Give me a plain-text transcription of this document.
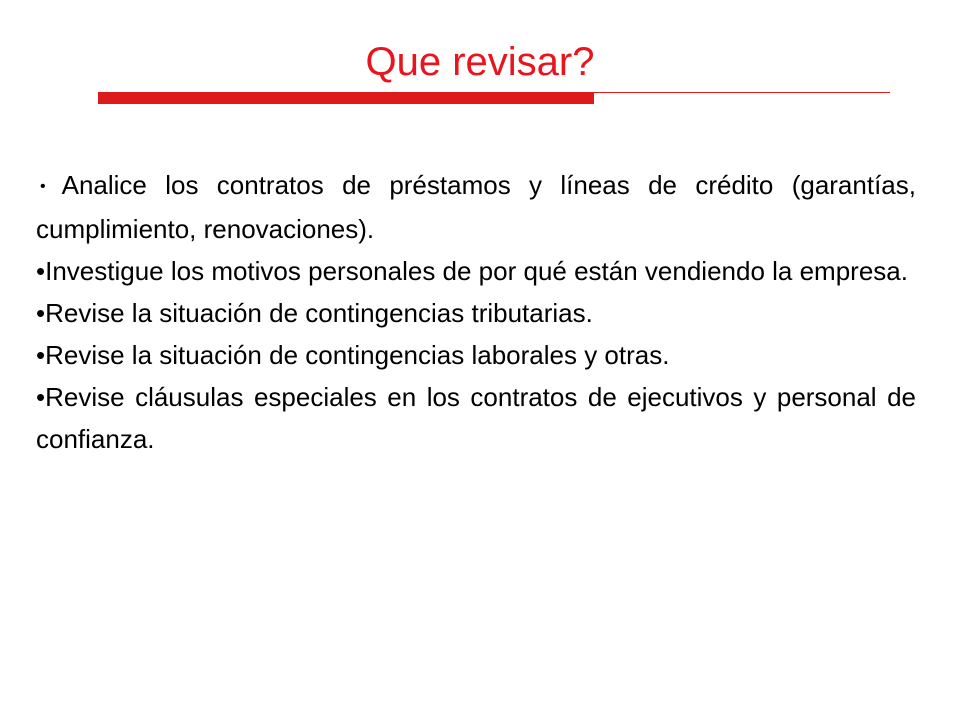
Que revisar?
• Analice los contratos de préstamos y líneas de crédito (garantías, cumplimiento, renovaciones).
•Investigue los motivos personales de por qué están vendiendo la empresa.
•Revise la situación de contingencias tributarias.
•Revise la situación de contingencias laborales y otras.
•Revise cláusulas especiales en los contratos de ejecutivos y personal de confianza.
